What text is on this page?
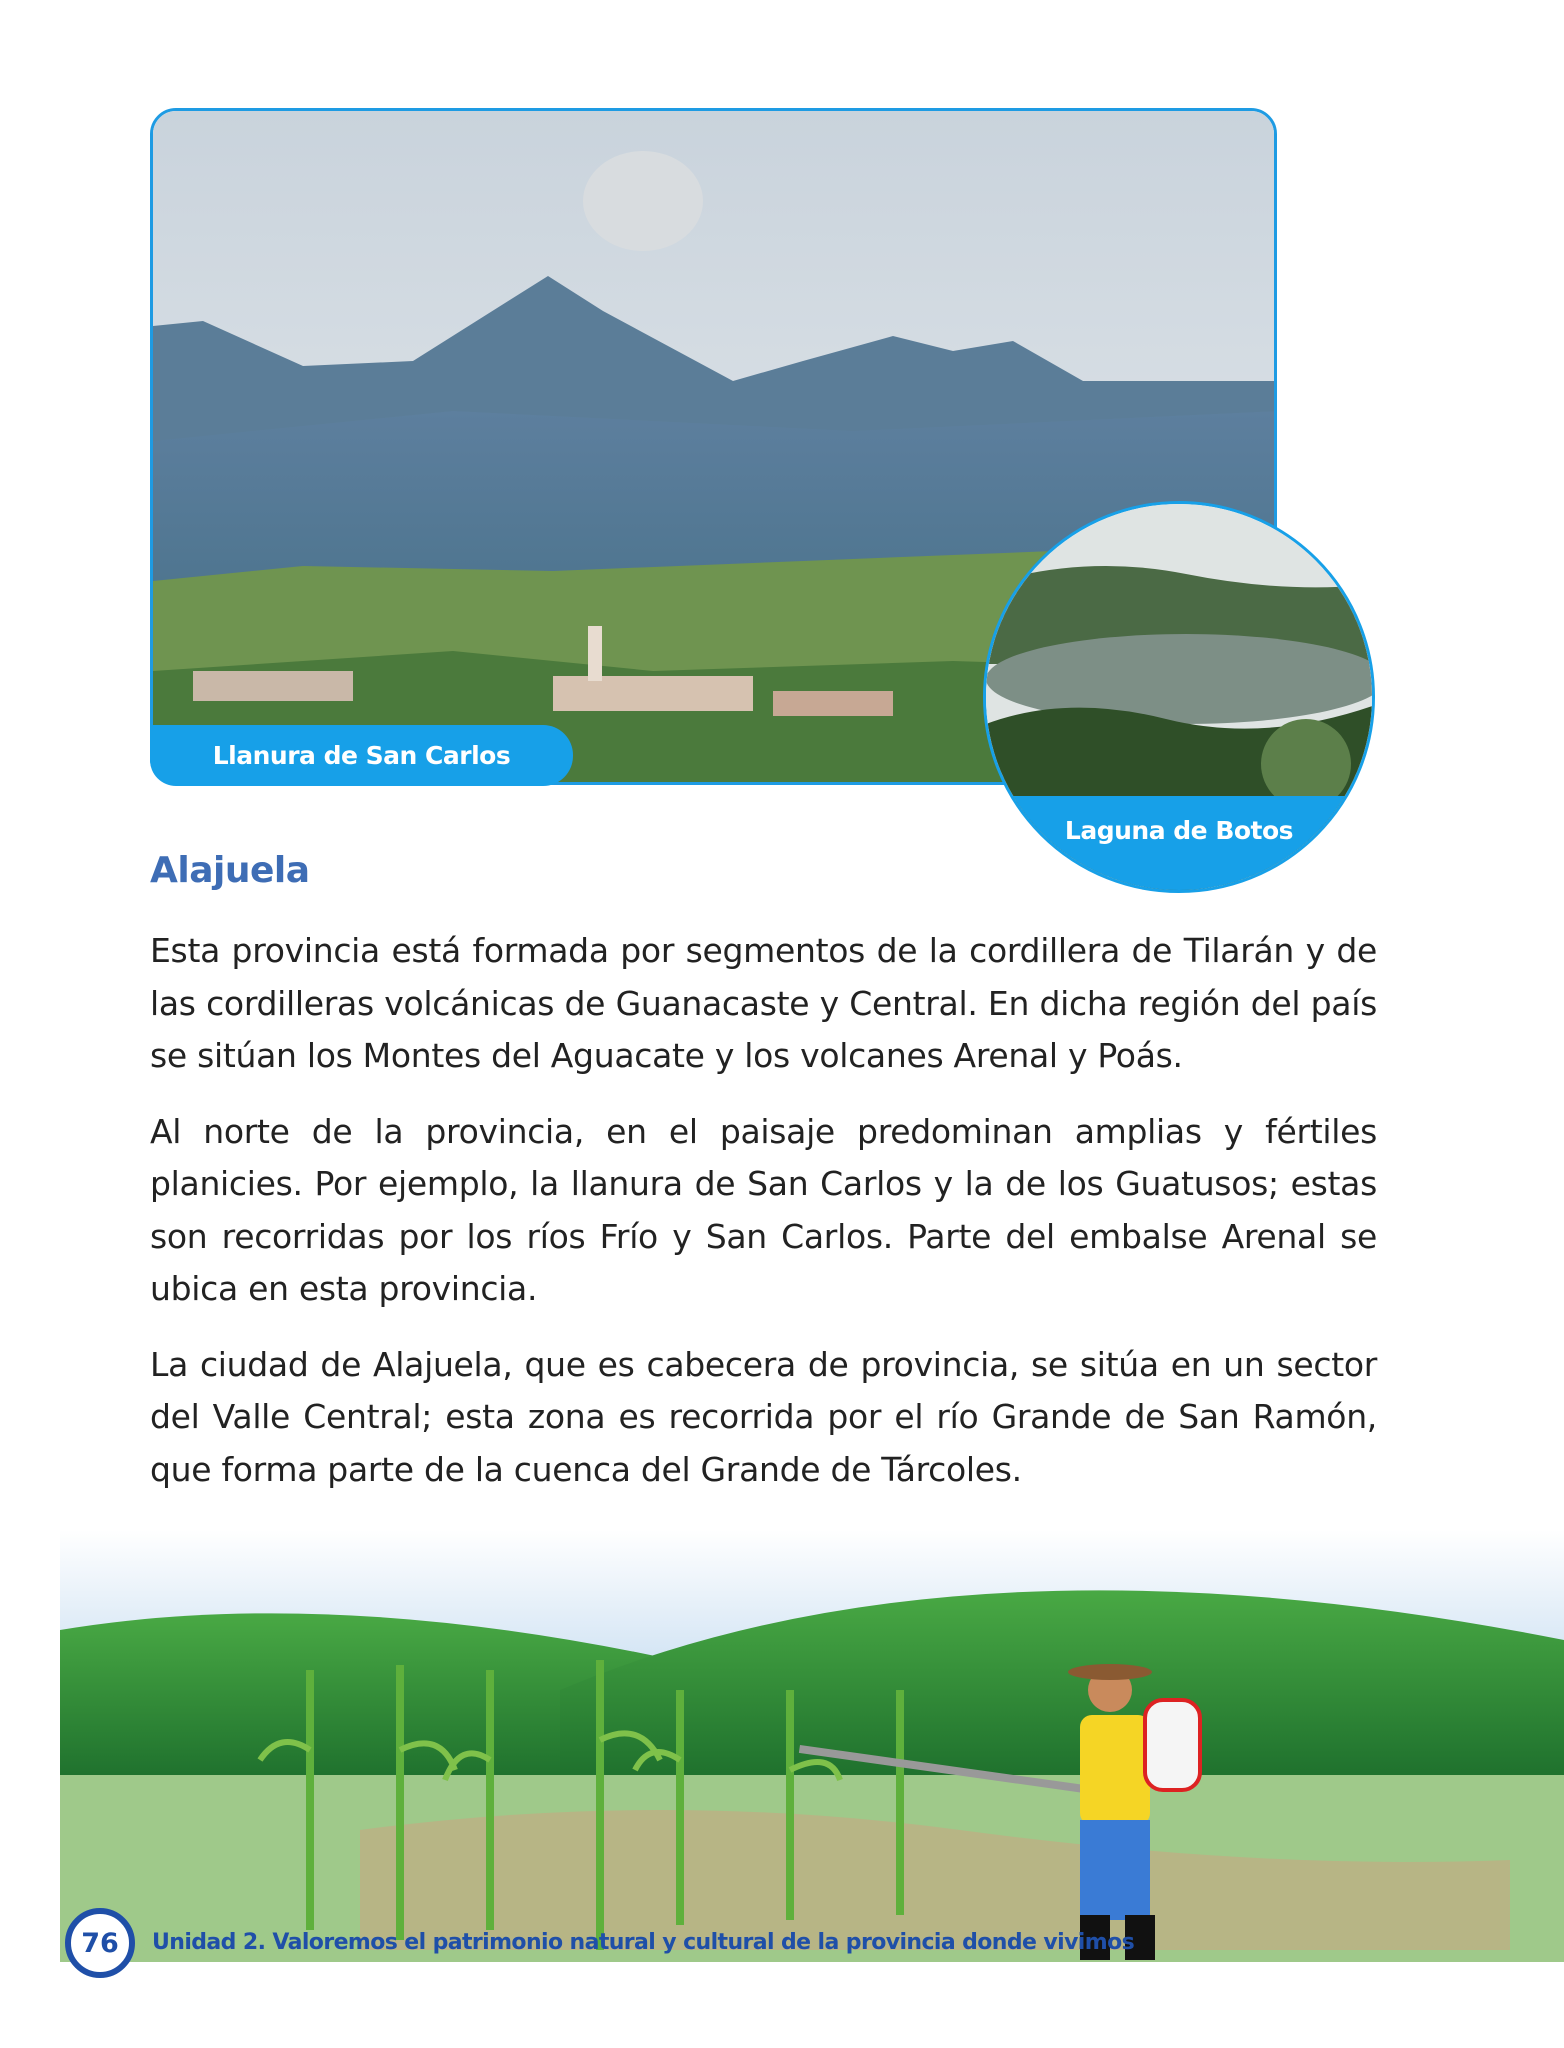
Llanura de San Carlos
Laguna de Botos
Alajuela

Esta provincia está formada por segmentos de la cordillera de Tilarán y de las cordilleras volcánicas de Guanacaste y Central. En dicha región del país se sitúan los Montes del Aguacate y los volcanes Arenal y Poás.

Al norte de la provincia, en el paisaje predominan amplias y fértiles planicies. Por ejemplo, la llanura de San Carlos y la de los Guatusos; estas son recorridas por los ríos Frío y San Carlos. Parte del embalse Arenal se ubica en esta provincia.

La ciudad de Alajuela, que es cabecera de provincia, se sitúa en un sector del Valle Central; esta zona es recorrida por el río Grande de San Ramón, que forma parte de la cuenca del Grande de Tárcoles.

76	Unidad 2. Valoremos el patrimonio natural y cultural de la provincia donde vivimos
